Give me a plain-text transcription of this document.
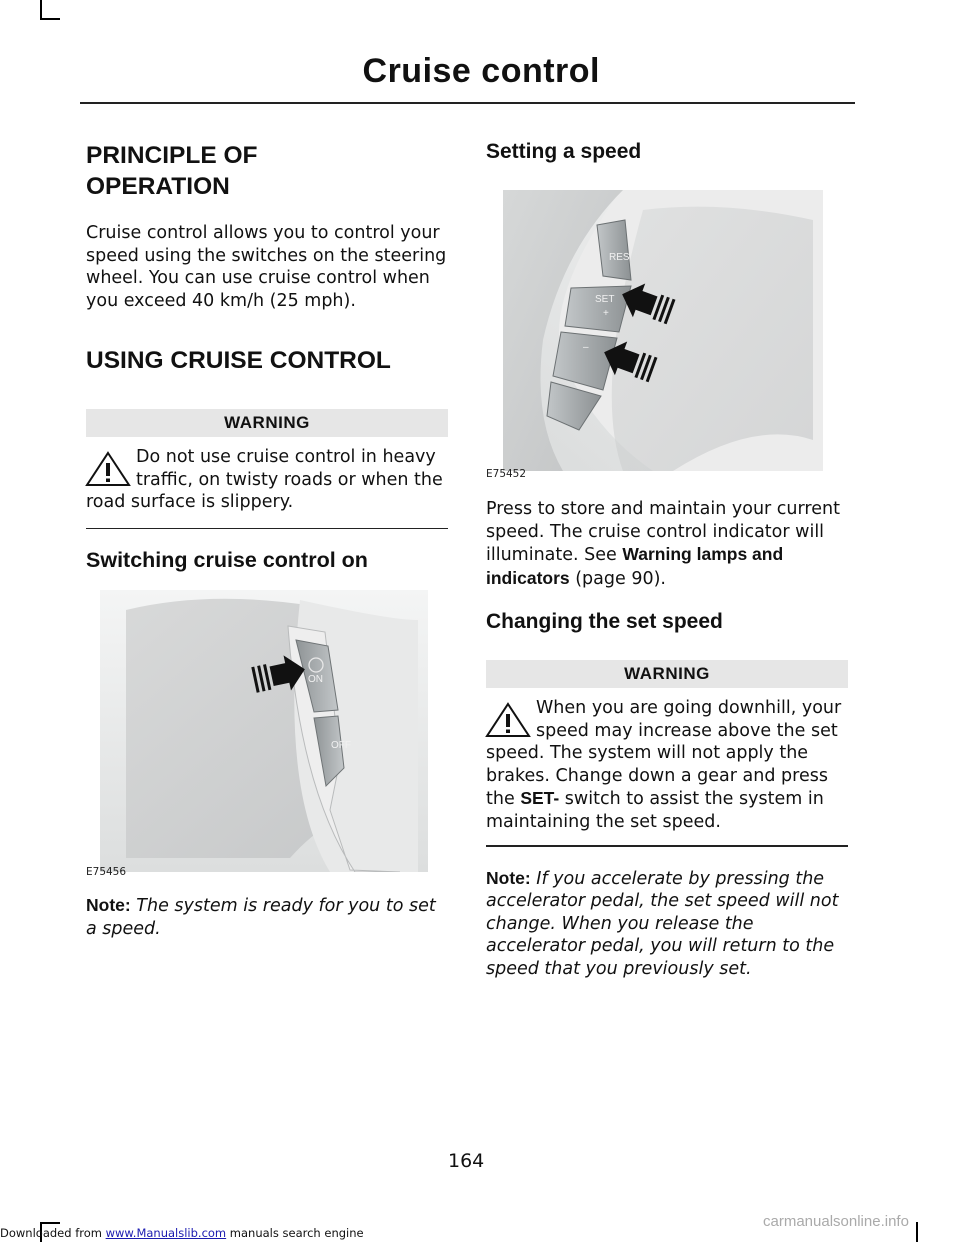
Downloaded from www.Manualslib.com manuals search engine
carmanualsonline.info
Cruise control
PRINCIPLE OF
OPERATION

Cruise control allows you to control your speed using the switches on the steering wheel. You can use cruise control when you exceed 40 km/h (25 mph).

USING CRUISE CONTROL
WARNING
Do not use cruise control in heavy traffic, on twisty roads or when the road surface is slippery.
Switching cruise control on
ON
OFF
E75456

Note: The system is ready for you to set a speed.

Setting a speed
RES
SET
+
–
E75452

Press to store and maintain your current speed. The cruise control indicator will illuminate. See Warning lamps and indicators (page 90).

Changing the set speed
WARNING
When you are going downhill, your speed may increase above the set speed. The system will not apply the brakes. Change down a gear and press the SET- switch to assist the system in maintaining the set speed.

Note: If you accelerate by pressing the accelerator pedal, the set speed will not change. When you release the accelerator pedal, you will return to the speed that you previously set.

164
